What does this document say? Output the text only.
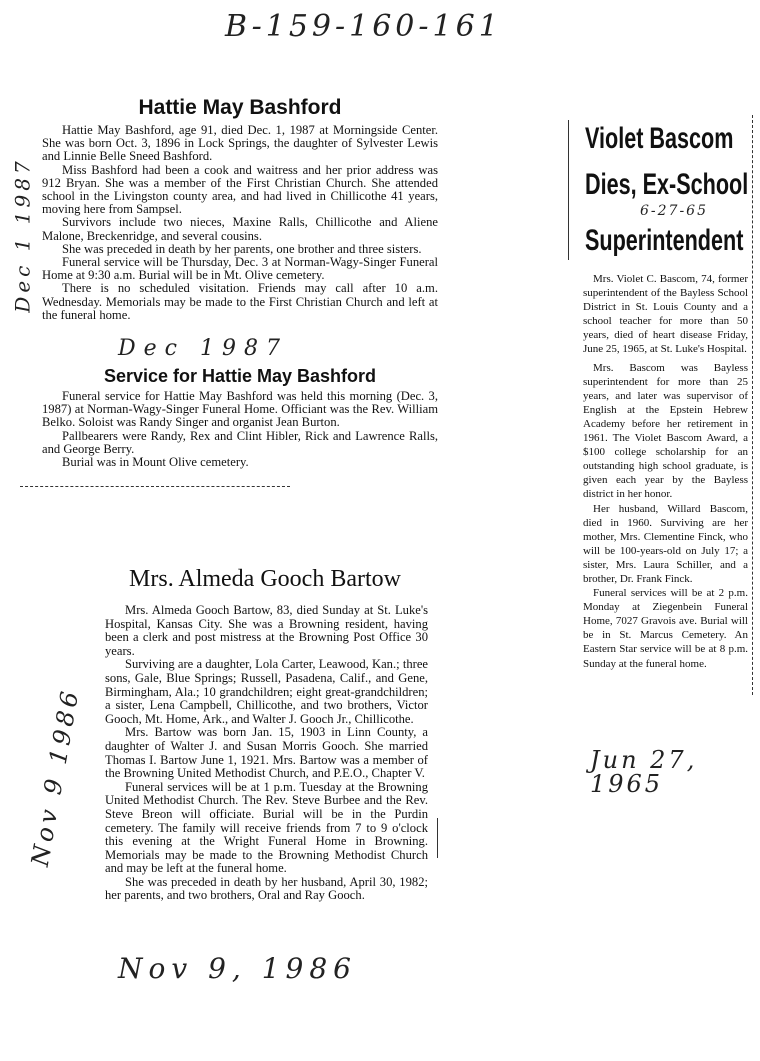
B-159-160-161
Hattie May Bashford
Dec 1 1987

Hattie May Bashford, age 91, died Dec. 1, 1987 at Morningside Center. She was born Oct. 3, 1896 in Lock Springs, the daughter of Sylvester Lewis and Linnie Belle Sneed Bashford.

Miss Bashford had been a cook and waitress and her prior address was 912 Bryan. She was a member of the First Christian Church. She attended school in the Livingston county area, and had lived in Chillicothe 41 years, moving here from Sampsel.

Survivors include two nieces, Maxine Ralls, Chillicothe and Aliene Malone, Breckenridge, and several cousins.

She was preceded in death by her parents, one brother and three sisters.

Funeral service will be Thursday, Dec. 3 at Norman-Wagy-Singer Funeral Home at 9:30 a.m. Burial will be in Mt. Olive cemetery.

There is no scheduled visitation. Friends may call after 10 a.m. Wednesday. Memorials may be made to the First Christian Church and left at the funeral home.

Dec 1987
Service for Hattie May Bashford

Funeral service for Hattie May Bashford was held this morning (Dec. 3, 1987) at Norman-Wagy-Singer Funeral Home. Officiant was the Rev. William Belko. Soloist was Randy Singer and organist Jean Burton.

Pallbearers were Randy, Rex and Clint Hibler, Rick and Lawrence Ralls, and George Berry.

Burial was in Mount Olive cemetery.

Mrs. Almeda Gooch Bartow
Nov 9 1986

Mrs. Almeda Gooch Bartow, 83, died Sunday at St. Luke's Hospital, Kansas City. She was a Browning resident, having been a clerk and post mistress at the Browning Post Office 30 years.

Surviving are a daughter, Lola Carter, Leawood, Kan.; three sons, Gale, Blue Springs; Russell, Pasadena, Calif., and Gene, Birmingham, Ala.; 10 grandchildren; eight great-grandchildren; a sister, Lena Campbell, Chillicothe, and two brothers, Victor Gooch, Mt. Home, Ark., and Walter J. Gooch Jr., Chillicothe.

Mrs. Bartow was born Jan. 15, 1903 in Linn County, a daughter of Walter J. and Susan Morris Gooch. She married Thomas I. Bartow June 1, 1921. Mrs. Bartow was a member of the Browning United Methodist Church, and P.E.O., Chapter V.

Funeral services will be at 1 p.m. Tuesday at the Browning United Methodist Church. The Rev. Steve Burbee and the Rev. Steve Breon will officiate. Burial will be in the Purdin cemetery. The family will receive friends from 7 to 9 o'clock this evening at the Wright Funeral Home in Browning. Memorials may be made to the Browning Methodist Church and may be left at the funeral home.

She was preceded in death by her husband, April 30, 1982; her parents, and two brothers, Oral and Ray Gooch.

Nov 9, 1986
Violet Bascom
Dies, Ex-School
6-27-65
Superintendent

Mrs. Violet C. Bascom, 74, former superintendent of the Bayless School District in St. Louis County and a school teacher for more than 50 years, died of heart disease Friday, June 25, 1965, at St. Luke's Hospital.

Mrs. Bascom was Bayless superintendent for more than 25 years, and later was supervisor of English at the Epstein Hebrew Academy before her retirement in 1961. The Violet Bascom Award, a $100 college scholarship for an outstanding high school graduate, is given each year by the Bayless district in her honor.

Her husband, Willard Bascom, died in 1960. Surviving are her mother, Mrs. Clementine Finck, who will be 100-years-old on July 17; a sister, Mrs. Laura Schiller, and a brother, Dr. Frank Finck.

Funeral services will be at 2 p.m. Monday at Ziegenbein Funeral Home, 7027 Gravois ave. Burial will be in St. Marcus Cemetery. An Eastern Star service will be at 8 p.m. Sunday at the funeral home.

Jun 27, 1965
